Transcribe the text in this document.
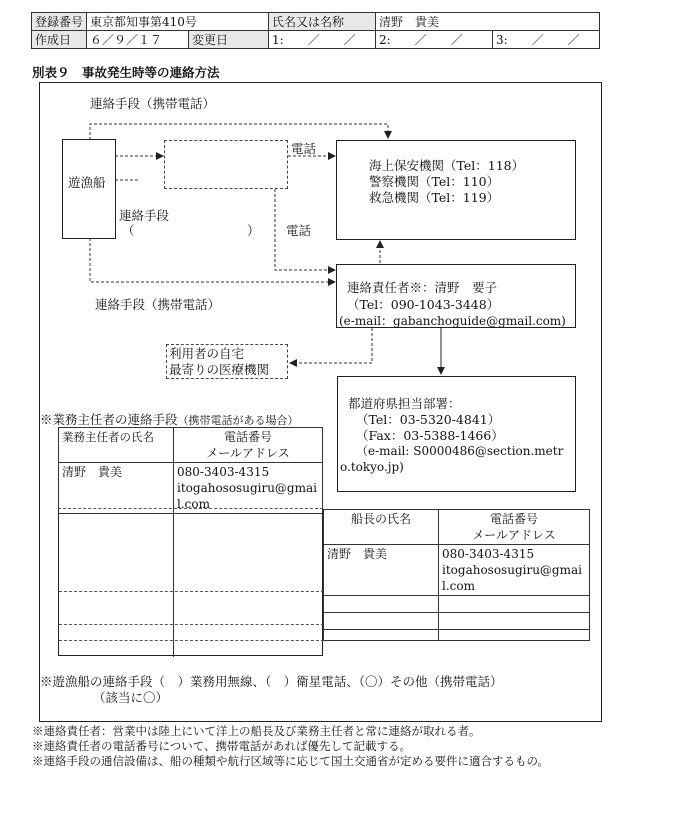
登録番号	東京都知事第410号		氏名又は名称	清野　貴美	
作成日	６／９／１７	変更日	1:　　／　　／	2:　　／　　／	3:　　／　　／
別表９　事故発生時等の連絡方法
連絡手段（携帯電話）
遊漁船
連絡手段
（　　　　　　　　　）
電話
電話
海上保安機関（Tel：118）
警察機関（Tel：110）
救急機関（Tel：119）
連絡手段（携帯電話）
連絡責任者※：清野　要子
（Tel：090-1043-3448）
(e-mail：gabanchoguide@gmail.com)
利用者の自宅
最寄りの医療機関
都道府県担当部署：
（Tel：03-5320-4841）
（Fax：03-5388-1466）
（e-mail: S0000486@section.metr
o.tokyo.jp)
※業務主任者の連絡手段（携帯電話がある場合）
業務主任者の氏名	電話番号
メールアドレス

清野　貴美	080-3403-4315
itogahososugiru@gmai
l.com
船長の氏名	電話番号
メールアドレス

清野　貴美	080-3403-4315
itogahososugiru@gmai
l.com

※遊漁船の連絡手段（　）業務用無線、（　）衛星電話、（〇）その他（携帯電話）
（該当に〇）
※連絡責任者：営業中は陸上にいて洋上の船長及び業務主任者と常に連絡が取れる者。
※連絡責任者の電話番号について、携帯電話があれば優先して記載する。
※連絡手段の通信設備は、船の種類や航行区域等に応じて国土交通省が定める要件に適合するもの。
